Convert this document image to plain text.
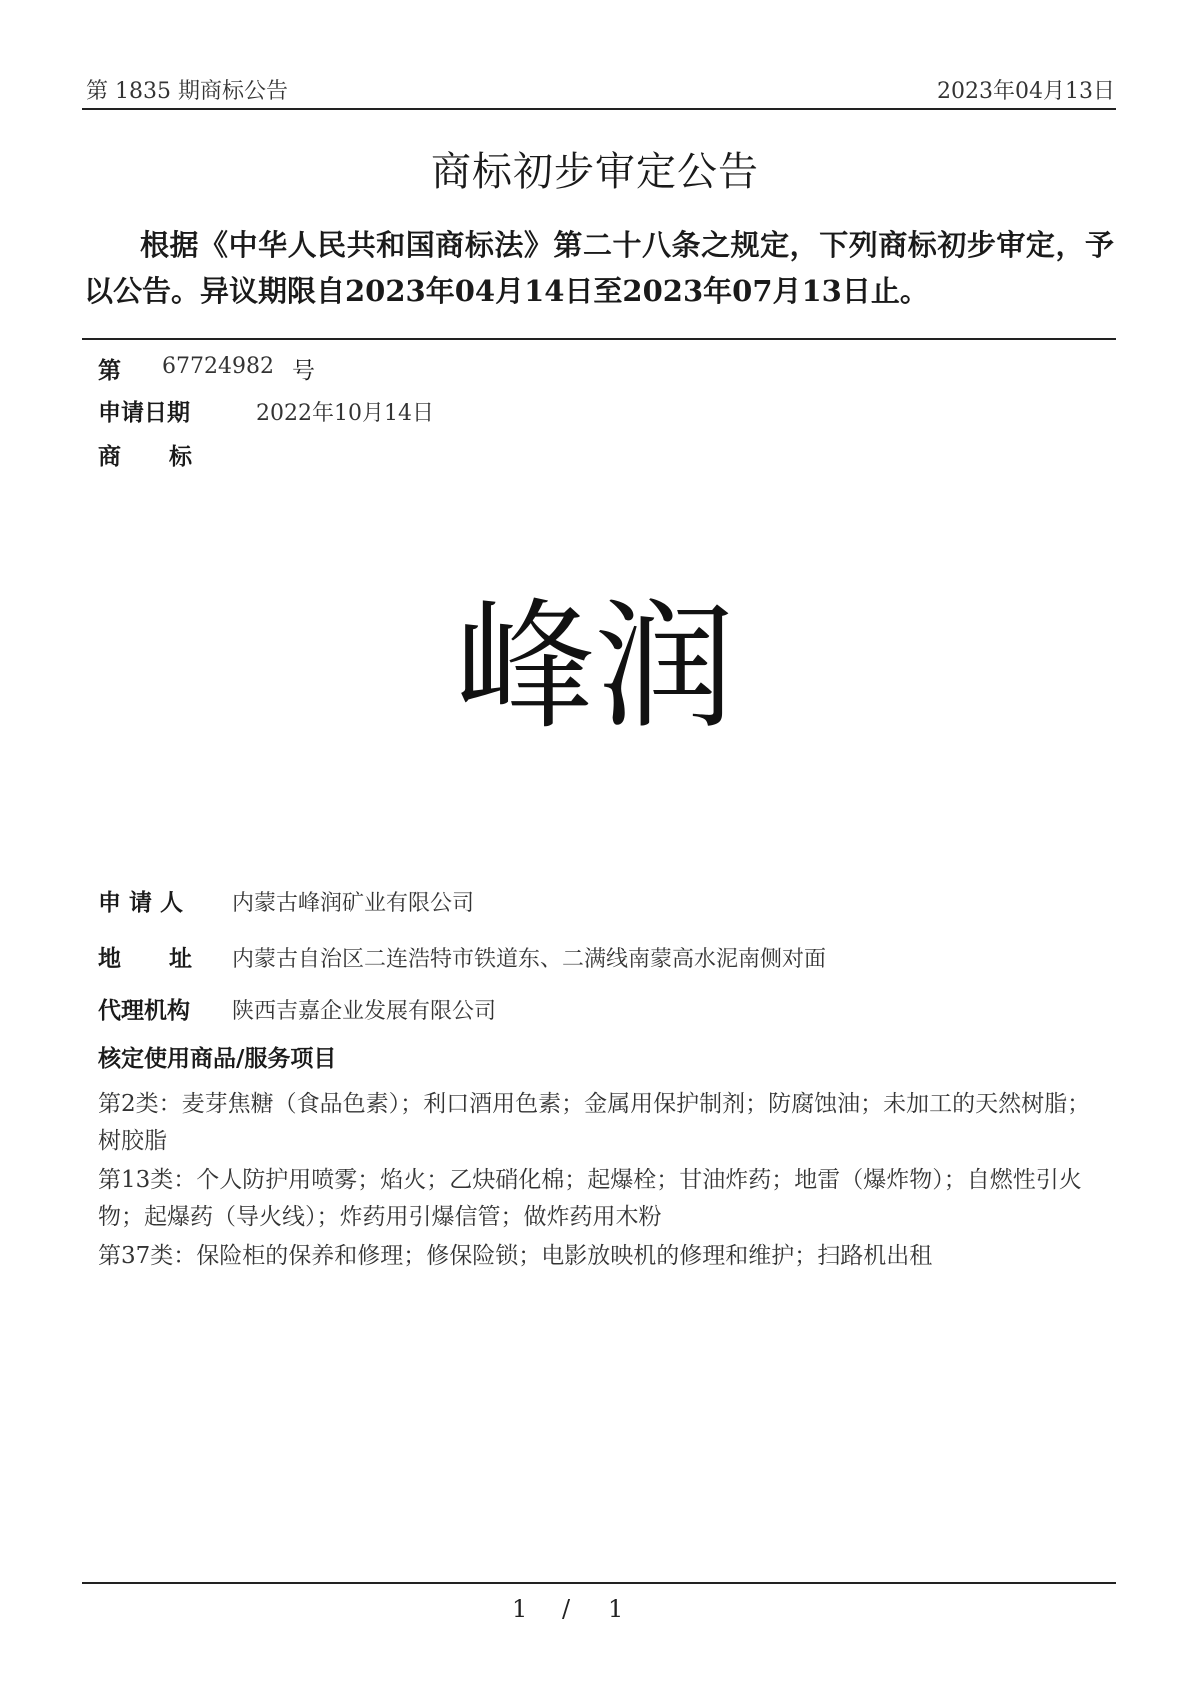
第 1835 期商标公告	2023年04月13日
商标初步审定公告
根据《中华人民共和国商标法》第二十八条之规定，下列商标初步审定，予以公告。异议期限自2023年04月14日至2023年07月13日止。
第 67724982 号
申请日期	2022年10月14日
商      标
峰润
申 请 人 内蒙古峰润矿业有限公司
地      址 内蒙古自治区二连浩特市铁道东、二满线南蒙高水泥南侧对面
代理机构 陕西吉嘉企业发展有限公司
核定使用商品/服务项目
第2类：麦芽焦糖（食品色素）；利口酒用色素；金属用保护制剂；防腐蚀油；未加工的天然树脂；树胶脂
第13类：个人防护用喷雾；焰火；乙炔硝化棉；起爆栓；甘油炸药；地雷（爆炸物）；自燃性引火物；起爆药（导火线）；炸药用引爆信管；做炸药用木粉
第37类：保险柜的保养和修理；修保险锁；电影放映机的修理和维护；扫路机出租
1 / 1
